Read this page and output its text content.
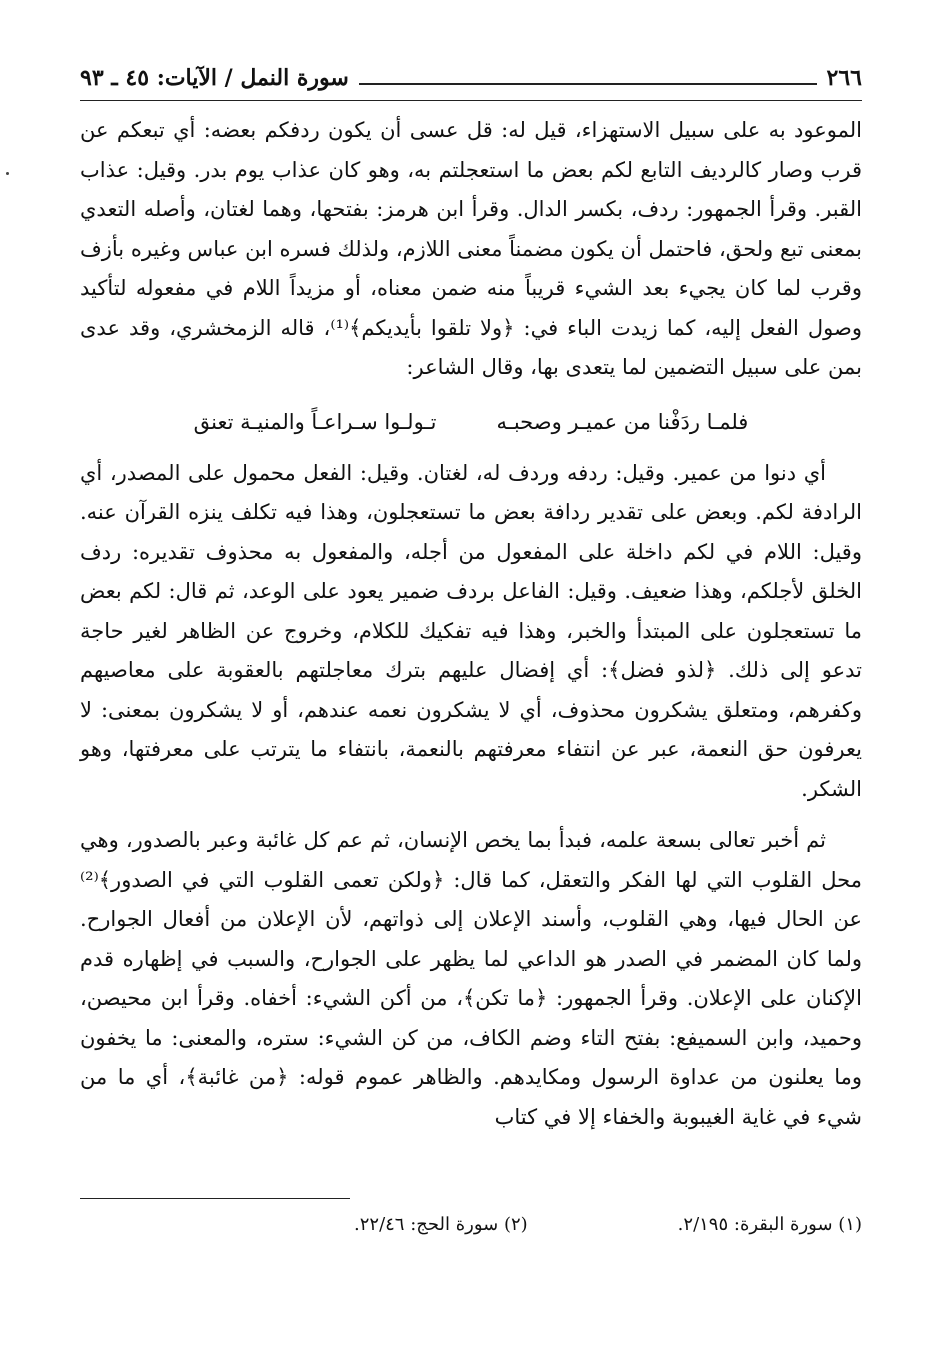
٢٦٦
سورة النمل / الآيات: ٤٥ ـ ٩٣

الموعود به على سبيل الاستهزاء، قيل له: قل عسى أن يكون ردفكم بعضه: أي تبعكم عن قرب وصار كالرديف التابع لكم بعض ما استعجلتم به، وهو كان عذاب يوم بدر. وقيل: عذاب القبر. وقرأ الجمهور: ردف، بكسر الدال. وقرأ ابن هرمز: بفتحها، وهما لغتان، وأصله التعدي بمعنى تبع ولحق، فاحتمل أن يكون مضمناً معنى اللازم، ولذلك فسره ابن عباس وغيره بأزف وقرب لما كان يجيء بعد الشيء قريباً منه ضمن معناه، أو مزيداً اللام في مفعوله لتأكيد وصول الفعل إليه، كما زيدت الباء في: ﴿ولا تلقوا بأيديكم﴾⁽¹⁾، قاله الزمخشري، وقد عدى بمن على سبيل التضمين لما يتعدى بها، وقال الشاعر:

فلمـا ردَفْنا من عميـر وصحبـه
تـولـوا سـراعـاً والمنيـة تعنق

أي دنوا من عمير. وقيل: ردفه وردف له، لغتان. وقيل: الفعل محمول على المصدر، أي الرادفة لكم. وبعض على تقدير ردافة بعض ما تستعجلون، وهذا فيه تكلف ينزه القرآن عنه. وقيل: اللام في لكم داخلة على المفعول من أجله، والمفعول به محذوف تقديره: ردف الخلق لأجلكم، وهذا ضعيف. وقيل: الفاعل بردف ضمير يعود على الوعد، ثم قال: لكم بعض ما تستعجلون على المبتدأ والخبر، وهذا فيه تفكيك للكلام، وخروج عن الظاهر لغير حاجة تدعو إلى ذلك. ﴿لذو فضل﴾: أي إفضال عليهم بترك معاجلتهم بالعقوبة على معاصيهم وكفرهم، ومتعلق يشكرون محذوف، أي لا يشكرون نعمه عندهم، أو لا يشكرون بمعنى: لا يعرفون حق النعمة، عبر عن انتفاء معرفتهم بالنعمة، بانتفاء ما يترتب على معرفتها، وهو الشكر.

ثم أخبر تعالى بسعة علمه، فبدأ بما يخص الإنسان، ثم عم كل غائبة وعبر بالصدور، وهي محل القلوب التي لها الفكر والتعقل، كما قال: ﴿ولكن تعمى القلوب التي في الصدور﴾⁽²⁾ عن الحال فيها، وهي القلوب، وأسند الإعلان إلى ذواتهم، لأن الإعلان من أفعال الجوارح. ولما كان المضمر في الصدر هو الداعي لما يظهر على الجوارح، والسبب في إظهاره قدم الإكنان على الإعلان. وقرأ الجمهور: ﴿ما تكن﴾، من أكن الشيء: أخفاه. وقرأ ابن محيصن، وحميد، وابن السميفع: بفتح التاء وضم الكاف، من كن الشيء: ستره، والمعنى: ما يخفون وما يعلنون من عداوة الرسول ومكايدهم. والظاهر عموم قوله: ﴿من غائبة﴾، أي ما من شيء في غاية الغيبوبة والخفاء إلا في كتاب

(١) سورة البقرة: ٢/١٩٥.
(٢) سورة الحج: ٢٢/٤٦.
